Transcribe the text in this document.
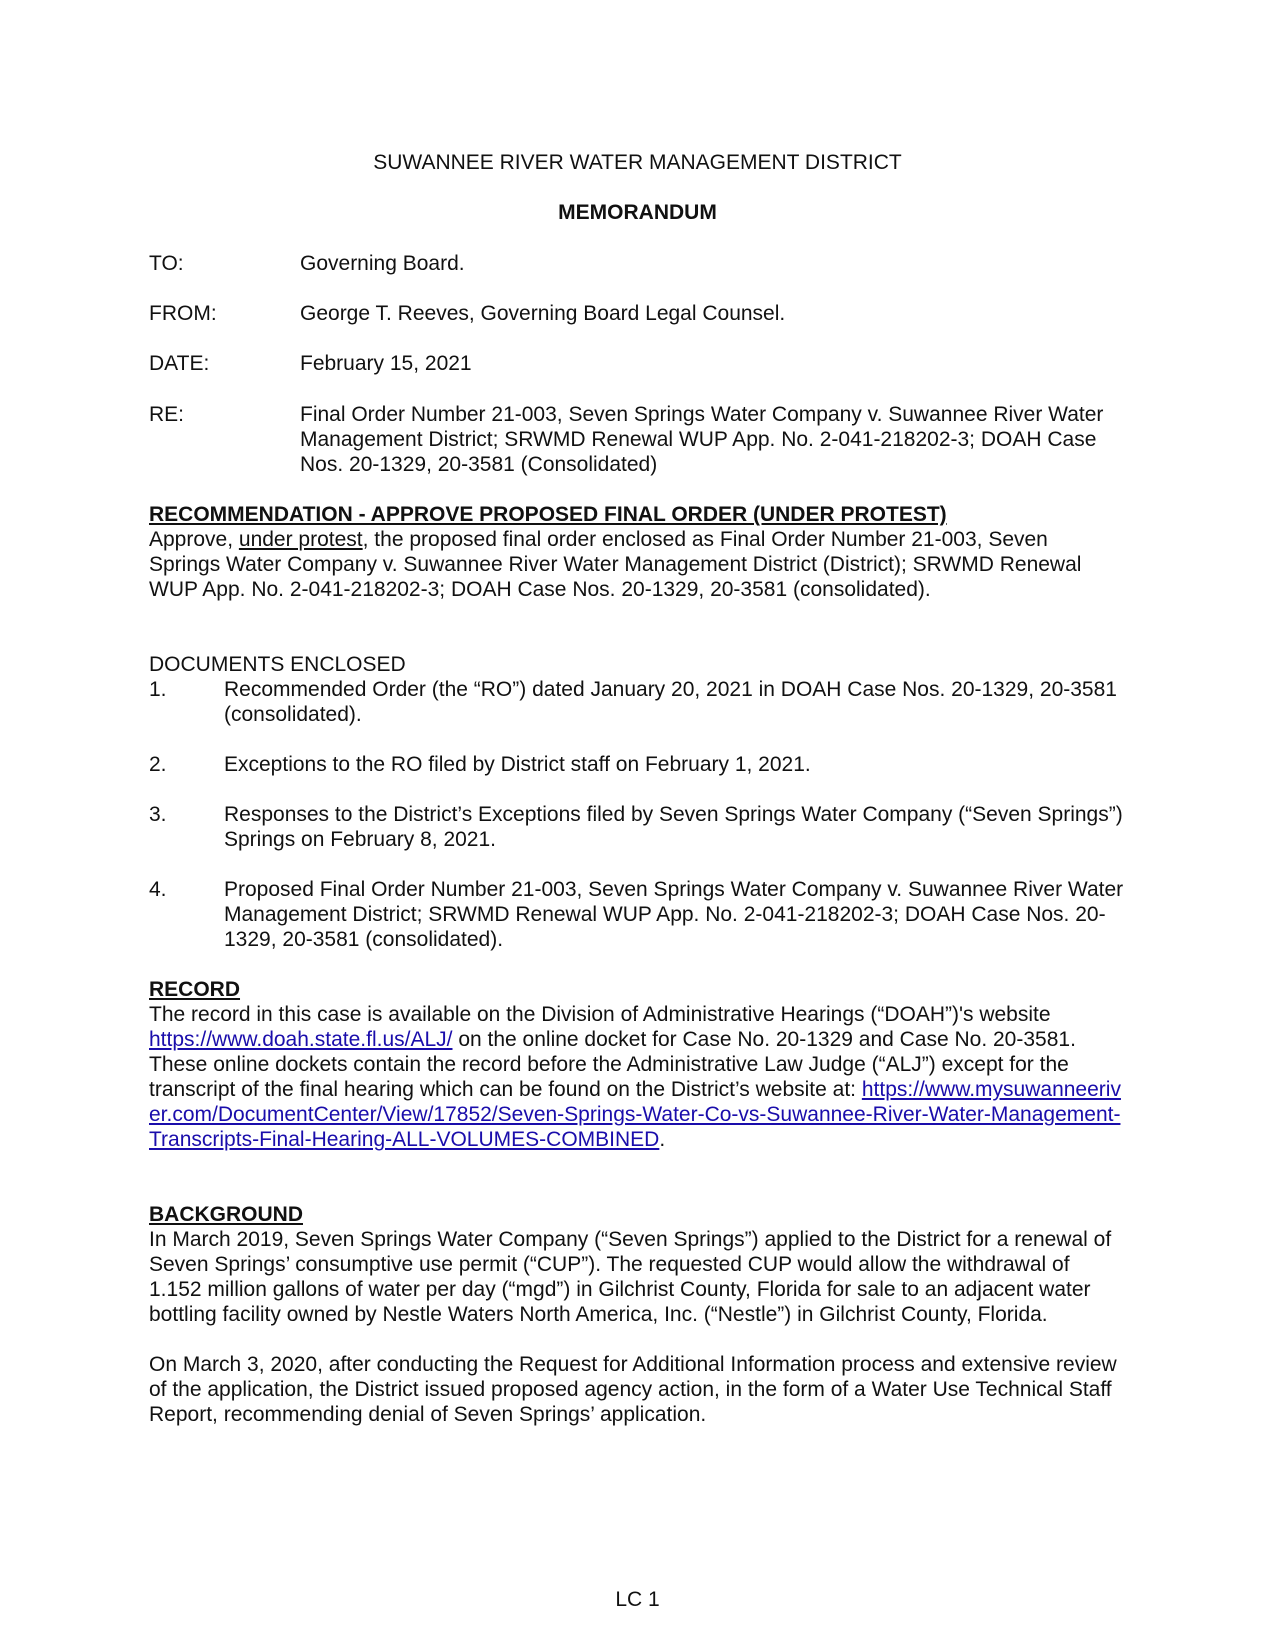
SUWANNEE RIVER WATER MANAGEMENT DISTRICT
MEMORANDUM
TO:	Governing Board.
FROM:	George T. Reeves, Governing Board Legal Counsel.
DATE:	February 15, 2021
RE:	Final Order Number 21-003, Seven Springs Water Company v. Suwannee River Water Management District; SRWMD Renewal WUP App. No. 2-041-218202-3; DOAH Case Nos. 20-1329, 20-3581 (Consolidated)
RECOMMENDATION - APPROVE PROPOSED FINAL ORDER (UNDER PROTEST)

Approve, under protest, the proposed final order enclosed as Final Order Number 21-003, Seven Springs Water Company v. Suwannee River Water Management District (District); SRWMD Renewal WUP App. No. 2-041-218202-3; DOAH Case Nos. 20-1329, 20-3581 (consolidated).

DOCUMENTS ENCLOSED
1.	Recommended Order (the “RO”) dated January 20, 2021 in DOAH Case Nos. 20-1329, 20-3581 (consolidated).
2.	Exceptions to the RO filed by District staff on February 1, 2021.
3.	Responses to the District’s Exceptions filed by Seven Springs Water Company (“Seven Springs”) Springs on February 8, 2021.
4.	Proposed Final Order Number 21-003, Seven Springs Water Company v. Suwannee River Water Management District; SRWMD Renewal WUP App. No. 2-041-218202-3; DOAH Case Nos. 20-1329, 20-3581 (consolidated).
RECORD

The record in this case is available on the Division of Administrative Hearings (“DOAH”)'s website https://www.doah.state.fl.us/ALJ/ on the online docket for Case No. 20-1329 and Case No. 20-3581. These online dockets contain the record before the Administrative Law Judge (“ALJ”) except for the transcript of the final hearing which can be found on the District’s website at: https://www.mysuwanneeriver.com/DocumentCenter/View/17852/Seven-Springs-Water-Co-vs-Suwannee-River-Water-Management-Transcripts-Final-Hearing-ALL-VOLUMES-COMBINED.

BACKGROUND

In March 2019, Seven Springs Water Company (“Seven Springs”) applied to the District for a renewal of Seven Springs’ consumptive use permit (“CUP”). The requested CUP would allow the withdrawal of 1.152 million gallons of water per day (“mgd”) in Gilchrist County, Florida for sale to an adjacent water bottling facility owned by Nestle Waters North America, Inc. (“Nestle”) in Gilchrist County, Florida.

On March 3, 2020, after conducting the Request for Additional Information process and extensive review of the application, the District issued proposed agency action, in the form of a Water Use Technical Staff Report, recommending denial of Seven Springs’ application.

LC 1
